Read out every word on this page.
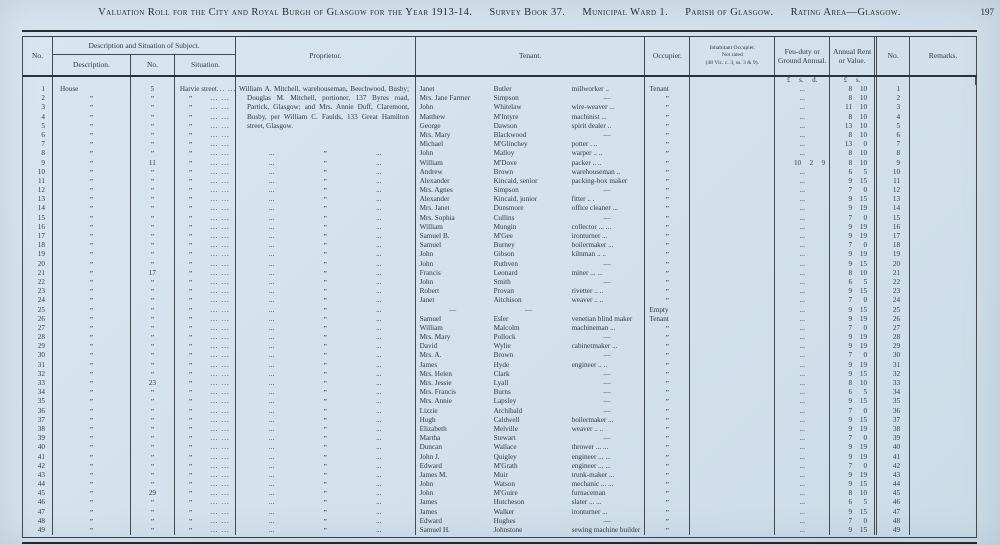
Valuation Roll for the City and Royal Burgh of Glasgow for the Year 1913-14. Survey Book 37. Municipal Ward 1. Parish of Glasgow. Rating Area—Glasgow.	197
No.
Description and Situation of Subject.
Description.	No.	Situation.
Proprietor.	Tenant.	Occupier.
Inhabitant Occupier.
Not rated
(48 Vic. c. 3, ss. 3 & 9).
Feu-duty or Ground Annual.
Annual Rent or Value.
No.	Remarks.
William A. Mitchell, warehouseman, Beechwood, Busby; Douglas M. Mitchell, portioner, 137 Byres road, Partick, Glasgow; and Mrs. Annie Duff, Claremont, Busby, per William C. Faulds, 133 Great Hamilton street, Glasgow.
£ s. d.	£ s.
1	House	5	Harvie street ... ...	Janet	Butler	millworker ..	Tenant	...	8	10	1
2	”	”	”	... ...	Mrs. Jane Farmer	Simpson	—	”	...	8	10	2
3	”	”	”	... ...	John	Whitelaw	wire-weaver ...	”	...	11	10	3
4	”	”	”	... ...	Matthew	M'Intyre	machinist ...	”	...	8	10	4
5	”	”	”	... ...	George	Dawson	spirit dealer ..	”	...	13	10	5
6	”	”	”	... ...	Mrs. Mary	Blackwood	—	”	...	8	10	6
7	”	”	”	... ...	Michael	M'Glinchey	potter . ..	”	...	13	0	7
8	”	”	”	... ...	...	”	...	John	Malloy	warper .. ..	”	...	8	10	8
9	”	11	”	... ...	...	”	...	William	M'Dove	packer .. ..	”	10	2	9	8	10	9
10	”	”	”	... ...	...	”	...	Andrew	Brown	warehouseman ..	”	...	6	5	10
11	”	”	”	... ...	...	”	...	Alexander	Kincaid, senior	packing-box maker	”	...	9	15	11
12	”	”	”	... ...	...	”	...	Mrs. Agnes	Simpson	—	”	...	7	0	12
13	”	”	”	... ...	...	”	...	Alexander	Kincaid, junior	fitter .. .	”	...	9	15	13
14	”	”	”	... ...	...	”	...	Mrs. Janet	Dunsmore	office cleaner ...	”	...	9	19	14
15	”	”	”	... ...	...	”	...	Mrs. Sophia	Cullins	—	”	...	7	0	15
16	”	”	”	... ...	...	”	...	William	Mungin	collector ... ...	”	...	9	19	16
17	”	”	”	... ...	...	”	...	Samuel B.	M'Gee	ironturner ...	”	...	9	19	17
18	”	”	”	... ...	...	”	...	Samuel	Burney	boilermaker ...	”	...	7	0	18
19	”	”	”	... ...	...	”	...	John	Gibson	kilnman .. ..	”	...	9	19	19
20	”	”	”	... ...	...	”	...	John	Ruthven	—	”	...	9	15	20
21	”	17	”	... ...	...	”	...	Francis	Leonard	miner ... ...	”	...	8	10	21
22	”	”	”	... ...	...	”	...	John	Smith	—	”	...	6	5	22
23	”	”	”	... ...	...	”	...	Robert	Provan	rivetter .. ..	”	...	9	15	23
24	”	”	”	... ...	...	”	...	Janet	Aitchison	weaver .. ..	”	...	7	0	24
25	”	”	”	... ...	...	”	...	—	—	Empty	...	9	15	25
26	”	”	”	... ...	...	”	...	Samuel	Esler	venetian blind maker	Tenant	...	9	19	26
27	”	”	”	... ...	...	”	...	William	Malcolm	machineman ...	”	...	7	0	27
28	”	”	”	... ...	...	”	...	Mrs. Mary	Pollock	—	”	...	9	19	28
29	”	”	”	... ...	...	”	...	David	Wylie	cabinetmaker ...	”	...	9	19	29
30	”	”	”	... ...	...	”	...	Mrs. A.	Brown	—	”	...	7	0	30
31	”	”	”	... ...	...	”	...	James	Hyde	engineer .. ..	”	...	9	19	31
32	”	”	”	... ...	...	”	...	Mrs. Helen	Clark	—	”	...	9	15	32
33	”	23	”	... ...	...	”	...	Mrs. Jessie	Lyall	—	”	...	8	10	33
34	”	”	”	... ...	...	”	...	Mrs. Francis	Burns	—	”	...	6	5	34
35	”	”	”	... ...	...	”	...	Mrs. Annie	Lapsley	—	”	...	9	15	35
36	”	”	”	... ...	...	”	...	Lizzie	Archibald	—	”	...	7	0	36
37	”	”	”	... ...	...	”	...	Hugh	Caldwell	boilermaker ...	”	...	9	15	37
38	”	”	”	... ...	...	”	...	Elizabeth	Melville	weaver .. ..	”	...	9	19	38
39	”	”	”	... ...	...	”	...	Martha	Stewart	—	”	...	7	0	39
40	”	”	”	... ...	...	”	...	Duncan	Wallace	thrower ... ...	”	...	9	19	40
41	”	”	”	... ...	...	”	...	John J.	Quigley	engineer ... ...	”	...	9	19	41
42	”	”	”	... ...	...	”	...	Edward	M'Grath	engineer ... ...	”	...	7	0	42
43	”	”	”	... ...	...	”	...	James M.	Muir	trunk-maker ...	”	...	9	19	43
44	”	”	”	... ...	...	”	...	John	Watson	mechanic ... ...	”	...	9	15	44
45	”	29	”	... ...	...	”	...	John	M'Guire	furnaceman	”	...	8	10	45
46	”	”	”	... ...	...	”	...	James	Hutcheson	slater ... ...	”	...	6	5	46
47	”	”	”	... ...	...	”	...	James	Walker	ironturner ...	”	...	9	15	47
48	”	”	”	... ...	...	”	...	Edward	Hughes	—	”	...	7	0	48
49	”	”	”	... ...	...	”	...	Samuel H.	Johnstone	sewing machine builder	”	...	9	15	49
